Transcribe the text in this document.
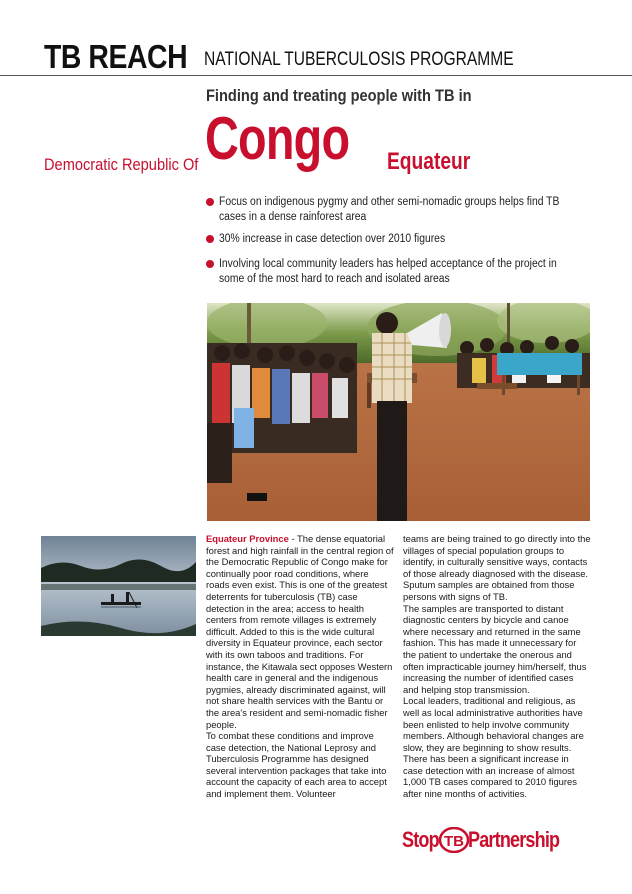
TB REACH NATIONAL TUBERCULOSIS PROGRAMME
Finding and treating people with TB in
Democratic Republic Of Congo Equateur
Focus on indigenous pygmy and other semi-nomadic groups helps find TB cases in a dense rainforest area
30% increase in case detection over 2010 figures
Involving local community leaders has helped acceptance of the project in some of the most hard to reach and isolated areas
Equateur Province - The dense equatorial forest and high rainfall in the central region of the Democratic Republic of Congo make for continually poor road conditions, where roads even exist. This is one of the greatest deterrents for tuberculosis (TB) case detection in the area; access to health centers from remote villages is extremely difficult. Added to this is the wide cultural diversity in Equateur province, each sector with its own taboos and traditions. For instance, the Kitawala sect opposes Western health care in general and the indigenous pygmies, already discriminated against, will not share health services with the Bantu or the area's resident and semi-nomadic fisher people.
To combat these conditions and improve case detection, the National Leprosy and Tuberculosis Programme has designed several intervention packages that take into account the capacity of each area to accept and implement them. Volunteer
teams are being trained to go directly into the villages of special population groups to identify, in culturally sensitive ways, contacts of those already diagnosed with the disease. Sputum samples are obtained from those persons with signs of TB.
The samples are transported to distant diagnostic centers by bicycle and canoe where necessary and returned in the same fashion. This has made it unnecessary for the patient to undertake the onerous and often impracticable journey him/herself, thus increasing the number of identified cases and helping stop transmission.
Local leaders, traditional and religious, as well as local administrative authorities have been enlisted to help involve community members. Although behavioral changes are slow, they are beginning to show results.
There has been a significant increase in case detection with an increase of almost 1,000 TB cases compared to 2010 figures after nine months of activities.
Stop TB Partnership
